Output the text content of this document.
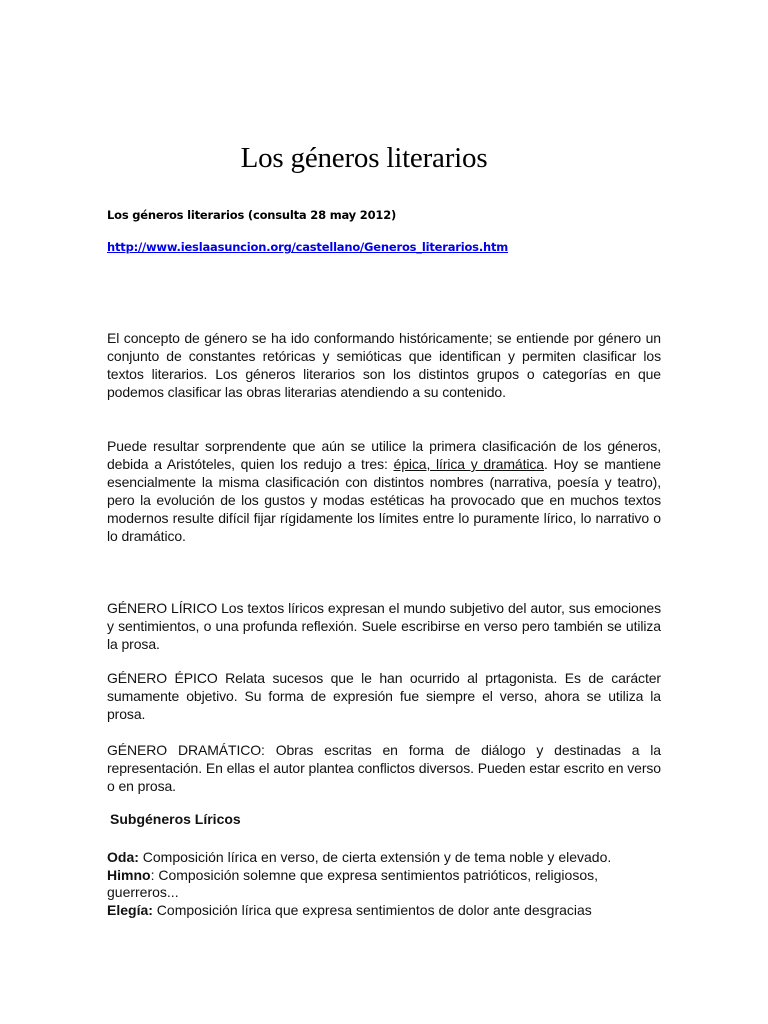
Los géneros literarios
Los géneros literarios (consulta 28 may 2012)
http://www.ieslaasuncion.org/castellano/Generos_literarios.htm

El concepto de género se ha ido conformando históricamente; se entiende por género un conjunto de constantes retóricas y semióticas que identifican y permiten clasificar los textos literarios. Los géneros literarios son los distintos grupos o categorías en que podemos clasificar las obras literarias atendiendo a su contenido.

Puede resultar sorprendente que aún se utilice la primera clasificación de los géneros, debida a Aristóteles, quien los redujo a tres: épica, lírica y dramática. Hoy se mantiene esencialmente la misma clasificación con distintos nombres (narrativa, poesía y teatro), pero la evolución de los gustos y modas estéticas ha provocado que en muchos textos modernos resulte difícil fijar rígidamente los límites entre lo puramente lírico, lo narrativo o lo dramático.

GÉNERO LÍRICO Los textos líricos expresan el mundo subjetivo del autor, sus emociones y sentimientos, o una profunda reflexión. Suele escribirse en verso pero también se utiliza la prosa.

GÉNERO ÉPICO Relata sucesos que le han ocurrido al prtagonista. Es de carácter sumamente objetivo. Su forma de expresión fue siempre el verso, ahora se utiliza la prosa.

GÉNERO DRAMÁTICO: Obras escritas en forma de diálogo y destinadas a la representación. En ellas el autor plantea conflictos diversos. Pueden estar escrito en verso o en prosa.

Subgéneros Líricos
Oda: Composición lírica en verso, de cierta extensión y de tema noble y elevado.
Himno: Composición solemne que expresa sentimientos patrióticos, religiosos, guerreros...
Elegía: Composición lírica que expresa sentimientos de dolor ante desgracias
